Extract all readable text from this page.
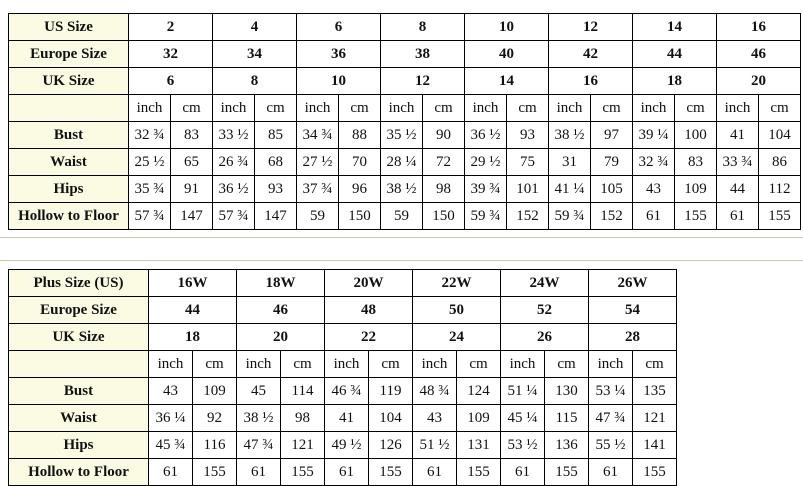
US Size	2		4		6		8		10		12		14		16	
Europe Size	32		34		36		38		40		42		44		46	
UK Size	6		8		10		12		14		16		18		20	
	inch	cm	inch	cm	inch	cm	inch	cm	inch	cm	inch	cm	inch	cm	inch	cm
Bust	32 ¾	83	33 ½	85	34 ¾	88	35 ½	90	36 ½	93	38 ½	97	39 ¼	100	41	104
Waist	25 ½	65	26 ¾	68	27 ½	70	28 ¼	72	29 ½	75	31	79	32 ¾	83	33 ¾	86
Hips	35 ¾	91	36 ½	93	37 ¾	96	38 ½	98	39 ¾	101	41 ¼	105	43	109	44	112
Hollow to Floor	57 ¾	147	57 ¾	147	59	150	59	150	59 ¾	152	59 ¾	152	61	155	61	155
Plus Size (US)	16W		18W		20W		22W		24W		26W	
Europe Size	44		46		48		50		52		54	
UK Size	18		20		22		24		26		28	
	inch	cm	inch	cm	inch	cm	inch	cm	inch	cm	inch	cm
Bust	43	109	45	114	46 ¾	119	48 ¾	124	51 ¼	130	53 ¼	135
Waist	36 ¼	92	38 ½	98	41	104	43	109	45 ¼	115	47 ¾	121
Hips	45 ¾	116	47 ¾	121	49 ½	126	51 ½	131	53 ½	136	55 ½	141
Hollow to Floor	61	155	61	155	61	155	61	155	61	155	61	155
